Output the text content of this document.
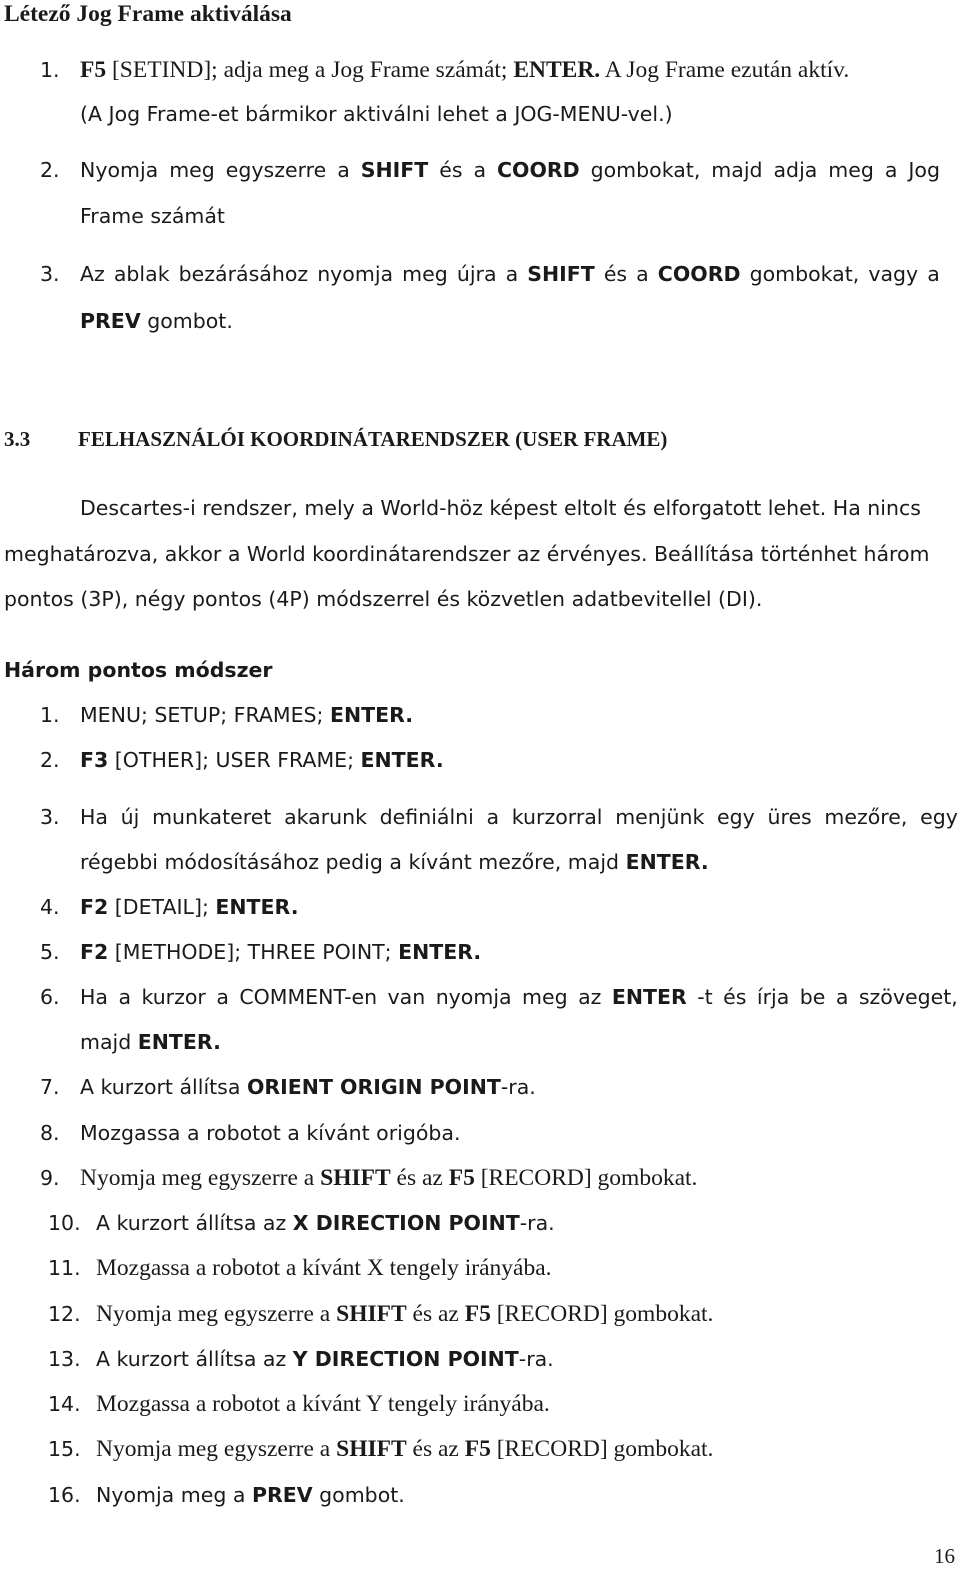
Létező Jog Frame aktiválása
1. F5 [SETIND]; adja meg a Jog Frame számát; ENTER. A Jog Frame ezután aktív.
(A Jog Frame-et bármikor aktiválni lehet a JOG-MENU-vel.)
2. Nyomja meg egyszerre a SHIFT és a COORD gombokat, majd adja meg a Jog
Frame számát
3. Az ablak bezárásához nyomja meg újra a SHIFT és a COORD gombokat, vagy a
PREV gombot.
3.3 FELHASZNÁLÓI KOORDINÁTARENDSZER (USER FRAME)
Descartes-i rendszer, mely a World-höz képest eltolt és elforgatott lehet. Ha nincs
meghatározva, akkor a World koordinátarendszer az érvényes. Beállítása történhet három
pontos (3P), négy pontos (4P) módszerrel és közvetlen adatbevitellel (DI).
Három pontos módszer
1. MENU; SETUP; FRAMES; ENTER.
2. F3 [OTHER]; USER FRAME; ENTER.
3. Ha új munkateret akarunk definiálni a kurzorral menjünk egy üres mezőre, egy
régebbi módosításához pedig a kívánt mezőre, majd ENTER.
4. F2 [DETAIL]; ENTER.
5. F2 [METHODE]; THREE POINT; ENTER.
6. Ha a kurzor a COMMENT-en van nyomja meg az ENTER -t és írja be a szöveget,
majd ENTER.
7. A kurzort állítsa ORIENT ORIGIN POINT-ra.
8. Mozgassa a robotot a kívánt origóba.
9. Nyomja meg egyszerre a SHIFT és az F5 [RECORD] gombokat.
10. A kurzort állítsa az X DIRECTION POINT-ra.
11. Mozgassa a robotot a kívánt X tengely irányába.
12. Nyomja meg egyszerre a SHIFT és az F5 [RECORD] gombokat.
13. A kurzort állítsa az Y DIRECTION POINT-ra.
14. Mozgassa a robotot a kívánt Y tengely irányába.
15. Nyomja meg egyszerre a SHIFT és az F5 [RECORD] gombokat.
16. Nyomja meg a PREV gombot.
16
